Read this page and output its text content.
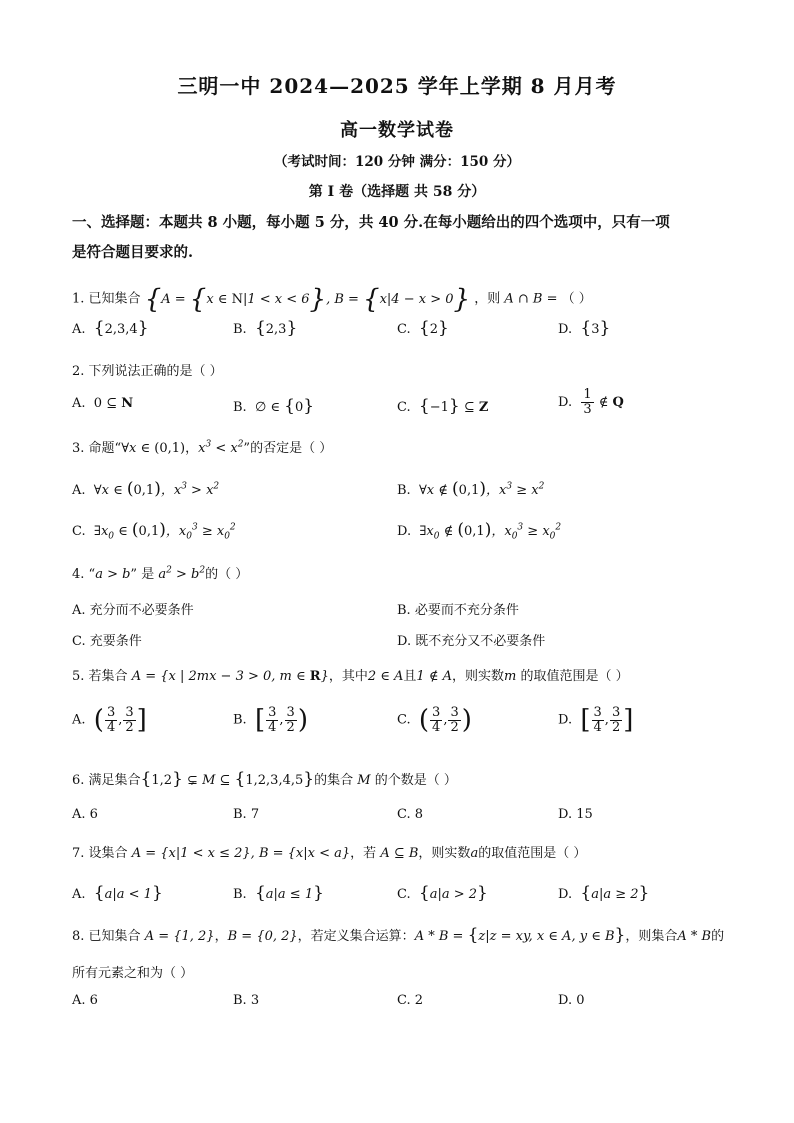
三明一中 2024—2025 学年上学期 8 月月考
高一数学试卷
（考试时间：120 分钟 满分：150 分）
第 I 卷（选择题 共 58 分）
一、选择题：本题共 8 小题，每小题 5 分，共 40 分.在每小题给出的四个选项中，只有一项
是符合题目要求的.
1. 已知集合 {A = {x ∈ N|1 < x < 6}, B = {x|4 − x > 0} ，则 A ∩ B = （ ）
A. {2,3,4}	B. {2,3}	C. {2}	D. {3}
2. 下列说法正确的是（ ）
A.  0 ⊆ N	B.  ∅ ∈ {0}	C. {−1} ⊆ Z	D. $\frac{1}{3}$ ∉ Q
3. 命题“∀x ∈ (0,1)，$x^3 < x^2$”的否定是（ ）
A. ∀x ∈ (0,1)，$x^3 > x^2$	B. ∀x ∉ (0,1)，$x^3 \ge x^2$
C. $\exists x_0$ ∈ (0,1)，$x_0^3 \ge x_0^2$	D. $\exists x_0$ ∉ (0,1)，$x_0^3 \ge x_0^2$
4. “a > b” 是 $a^2 > b^2$的（ ）
A. 充分而不必要条件	B. 必要而不充分条件
C. 充要条件	D. 既不充分又不必要条件
5. 若集合 A = {x | 2mx − 3 > 0, m ∈ R}，其中2 ∈ A且1 ∉ A，则实数m 的取值范围是（ ）
A. ( $\frac{3}{4}$ , $\frac{3}{2}$ ]	B. [ $\frac{3}{4}$ , $\frac{3}{2}$ )	C. ( $\frac{3}{4}$ , $\frac{3}{2}$ )	D. [ $\frac{3}{4}$ , $\frac{3}{2}$ ]
6. 满足集合{1,2} ⊊ M ⊆ {1,2,3,4,5}的集合 M 的个数是（ ）
A. 6	B. 7	C. 8	D. 15
7. 设集合 A = {x|1 < x ≤ 2}, B = {x|x < a}，若 A ⊆ B，则实数a的取值范围是（ ）
A. {a|a < 1}	B. {a|a ≤ 1}	C. {a|a > 2}	D. {a|a ≥ 2}
8. 已知集合 A = {1, 2}，B = {0, 2}，若定义集合运算：A * B = {z|z = xy, x ∈ A, y ∈ B}，则集合A * B的
所有元素之和为（ ）
A. 6	B. 3	C. 2	D. 0
